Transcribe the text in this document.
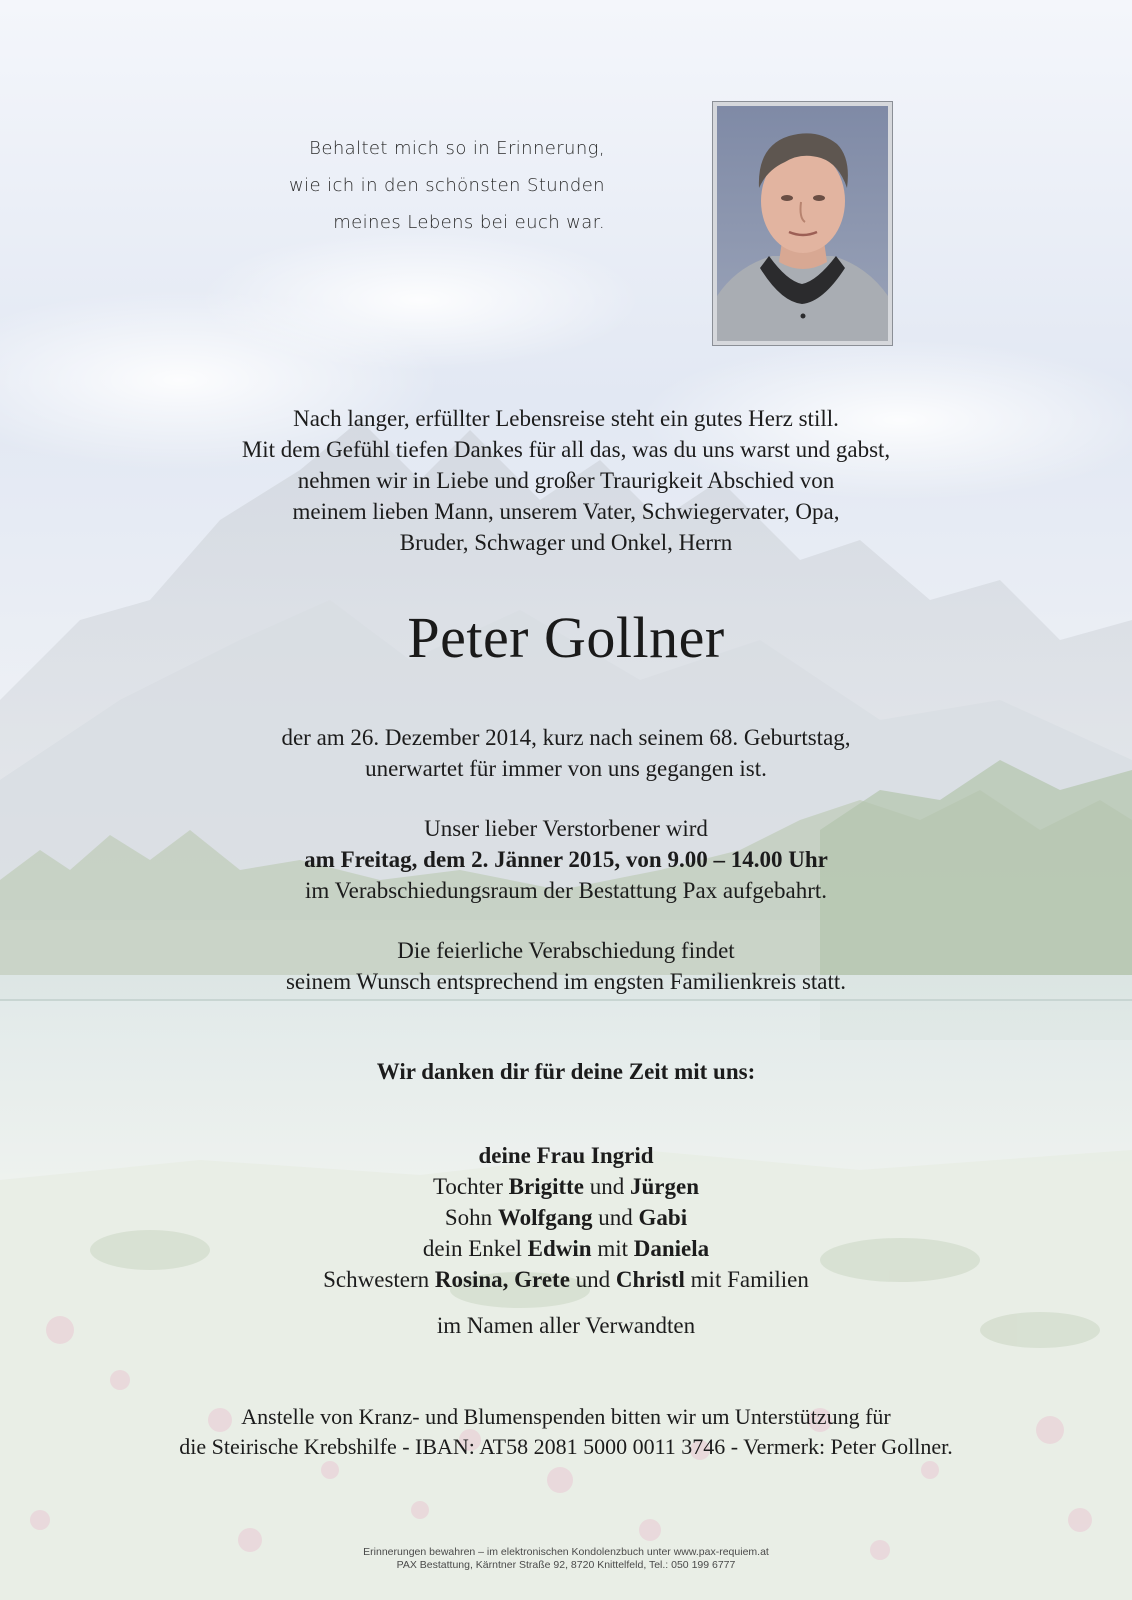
Behaltet mich so in Erinnerung,
wie ich in den schönsten Stunden
meines Lebens bei euch war.
Nach langer, erfüllter Lebensreise steht ein gutes Herz still.
Mit dem Gefühl tiefen Dankes für all das, was du uns warst und gabst,
nehmen wir in Liebe und großer Traurigkeit Abschied von
meinem lieben Mann, unserem Vater, Schwiegervater, Opa,
Bruder, Schwager und Onkel, Herrn
Peter Gollner
der am 26. Dezember 2014, kurz nach seinem 68. Geburtstag,
unerwartet für immer von uns gegangen ist.
Unser lieber Verstorbener wird
am Freitag, dem 2. Jänner 2015, von 9.00 – 14.00 Uhr
im Verabschiedungsraum der Bestattung Pax aufgebahrt.
Die feierliche Verabschiedung findet
seinem Wunsch entsprechend im engsten Familienkreis statt.
Wir danken dir für deine Zeit mit uns:
deine Frau Ingrid
Tochter Brigitte und Jürgen
Sohn Wolfgang und Gabi
dein Enkel Edwin mit Daniela
Schwestern Rosina, Grete und Christl mit Familien
im Namen aller Verwandten
Anstelle von Kranz- und Blumenspenden bitten wir um Unterstützung für
die Steirische Krebshilfe - IBAN: AT58 2081 5000 0011 3746 - Vermerk: Peter Gollner.
Erinnerungen bewahren – im elektronischen Kondolenzbuch unter www.pax-requiem.at
PAX Bestattung, Kärntner Straße 92, 8720 Knittelfeld, Tel.: 050 199 6777
